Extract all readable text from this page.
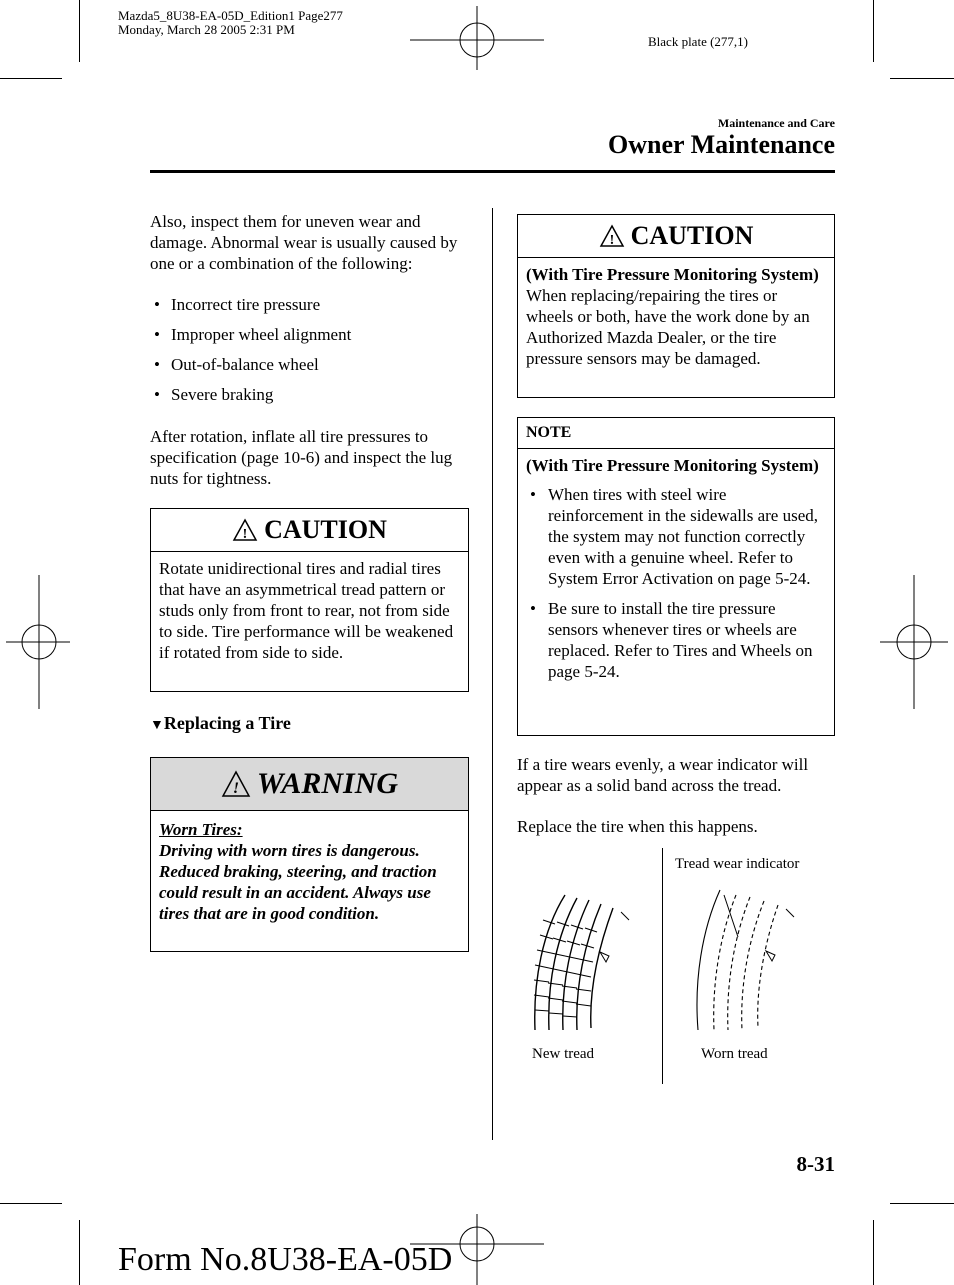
Mazda5_8U38-EA-05D_Edition1 Page277
Monday, March 28 2005 2:31 PM
Black plate (277,1)
Maintenance and Care
Owner Maintenance
Also, inspect them for uneven wear and damage. Abnormal wear is usually caused by one or a combination of the following:
• Incorrect tire pressure
• Improper wheel alignment
• Out-of-balance wheel
• Severe braking
After rotation, inflate all tire pressures to specification (page 10-6) and inspect the lug nuts for tightness.
! CAUTION
Rotate unidirectional tires and radial tires that have an asymmetrical tread pattern or studs only from front to rear, not from side to side. Tire performance will be weakened if rotated from side to side.
▼Replacing a Tire
! WARNING
Worn Tires:
Driving with worn tires is dangerous. Reduced braking, steering, and traction could result in an accident. Always use tires that are in good condition.
! CAUTION
(With Tire Pressure Monitoring System)
When replacing/repairing the tires or wheels or both, have the work done by an Authorized Mazda Dealer, or the tire pressure sensors may be damaged.
NOTE
(With Tire Pressure Monitoring System)
• When tires with steel wire reinforcement in the sidewalls are used, the system may not function correctly even with a genuine wheel. Refer to System Error Activation on page 5-24.
• Be sure to install the tire pressure sensors whenever tires or wheels are replaced. Refer to Tires and Wheels on page 5-24.
If a tire wears evenly, a wear indicator will appear as a solid band across the tread.
Replace the tire when this happens.
Tread wear indicator
New tread	Worn tread
8-31
Form No.8U38-EA-05D
